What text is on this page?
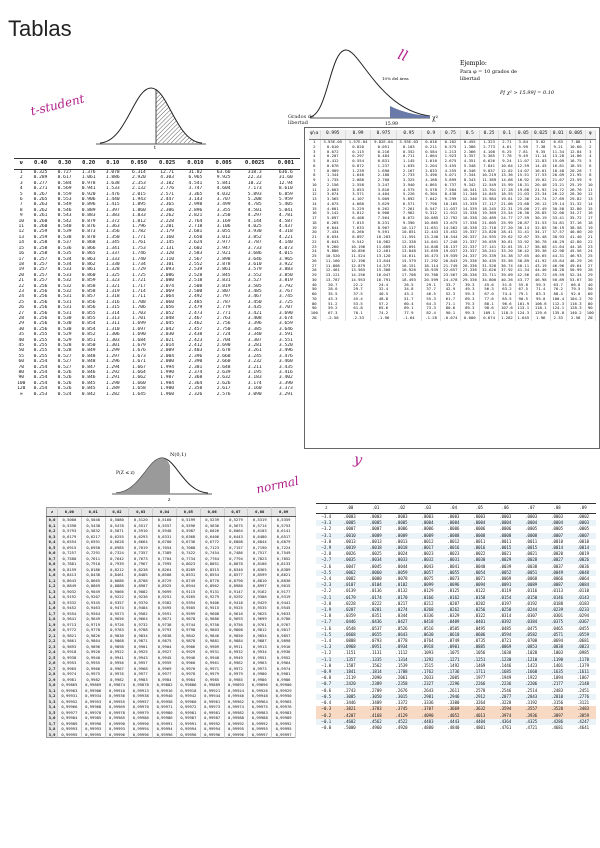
Tablas
t-student
normal
ll
y
t
10% del área
15.99
χ²
Ejemplo:
Para φ = 10 grados de
libertad
P[ χ² > 15.99] = 0.10
Grados de libertad
N(0,1)
P(Z ≤ z)
z
ν	0.40	0.30	0.20	0.10	0.050	0.025	0.010	0.005	0.0025	0.001
1	0.325	0.727	1.376	3.078	6.314	12.71	31.82	63.66	318.3	636.6
2	0.289	0.617	1.061	1.886	2.920	4.303	6.965	9.925	22.33	31.60
3	0.277	0.584	0.978	1.638	2.353	3.182	4.541	5.841	10.22	12.94
4	0.271	0.569	0.941	1.533	2.132	2.776	3.747	4.604	7.173	8.610
5	0.267	0.559	0.920	1.476	2.015	2.571	3.365	4.032	5.893	6.859
6	0.265	0.553	0.906	1.440	1.943	2.447	3.143	3.707	5.208	5.959
7	0.263	0.549	0.896	1.415	1.895	2.365	2.998	3.499	4.785	5.405
8	0.262	0.546	0.889	1.397	1.860	2.306	2.896	3.355	4.501	5.041
9	0.261	0.543	0.883	1.383	1.833	2.262	2.821	3.250	4.297	4.781
10	0.260	0.542	0.879	1.372	1.812	2.228	2.764	3.169	4.144	4.587
11	0.260	0.540	0.876	1.363	1.796	2.201	2.718	3.106	4.025	4.437
12	0.259	0.539	0.873	1.356	1.782	2.179	2.681	3.055	3.930	4.318
13	0.259	0.538	0.870	1.350	1.771	2.160	2.650	3.012	3.852	4.221
14	0.258	0.537	0.868	1.345	1.761	2.145	2.624	2.977	3.787	4.140
15	0.258	0.536	0.866	1.341	1.753	2.131	2.602	2.947	3.733	4.073
16	0.258	0.535	0.865	1.337	1.746	2.120	2.583	2.921	3.686	4.015
17	0.257	0.534	0.863	1.333	1.740	2.110	2.567	2.898	3.646	3.965
18	0.257	0.534	0.862	1.330	1.734	2.101	2.552	2.878	3.610	3.922
19	0.257	0.533	0.861	1.328	1.729	2.093	2.539	2.861	3.579	3.883
20	0.257	0.533	0.860	1.325	1.725	2.086	2.528	2.845	3.552	3.850
21	0.257	0.532	0.859	1.323	1.721	2.080	2.518	2.831	3.527	3.819
22	0.256	0.532	0.858	1.321	1.717	2.074	2.508	2.819	3.505	3.792
23	0.256	0.532	0.858	1.319	1.714	2.069	2.500	2.807	3.485	3.767
24	0.256	0.531	0.857	1.318	1.711	2.064	2.492	2.797	3.467	3.745
25	0.256	0.531	0.856	1.316	1.708	2.060	2.485	2.787	3.450	3.725
26	0.256	0.531	0.856	1.315	1.706	2.056	2.479	2.779	3.435	3.707
27	0.256	0.531	0.855	1.314	1.703	2.052	2.473	2.771	3.421	3.690
28	0.256	0.530	0.855	1.313	1.701	2.048	2.467	2.763	3.408	3.674
29	0.256	0.530	0.854	1.311	1.699	2.045	2.462	2.756	3.396	3.659
30	0.256	0.530	0.854	1.310	1.697	2.042	2.457	2.750	3.385	3.646
35	0.255	0.529	0.852	1.306	1.690	2.030	2.438	2.724	3.340	3.591
40	0.255	0.529	0.851	1.303	1.684	2.021	2.423	2.704	3.307	3.551
45	0.255	0.528	0.850	1.301	1.679	2.014	2.412	2.690	3.281	3.520
50	0.255	0.528	0.849	1.299	1.676	2.009	2.403	2.678	3.261	3.496
55	0.255	0.527	0.848	1.297	1.673	2.004	2.396	2.668	3.245	3.476
60	0.254	0.527	0.848	1.296	1.671	2.000	2.390	2.660	3.232	3.460
70	0.254	0.527	0.847	1.294	1.667	1.994	2.381	2.648	3.211	3.435
80	0.254	0.526	0.846	1.292	1.664	1.990	2.374	2.639	3.195	3.416
90	0.254	0.526	0.846	1.291	1.662	1.987	2.368	2.632	3.183	3.402
100	0.254	0.526	0.845	1.290	1.660	1.984	2.364	2.626	3.174	3.390
120	0.254	0.526	0.845	1.289	1.658	1.980	2.358	2.617	3.160	3.373
∞	0.253	0.524	0.842	1.282	1.645	1.960	2.326	2.576	3.090	3.291
φ\α	0.995	0.99	0.975	0.95	0.9	0.75	0.5	0.25	0.1	0.05	0.025	0.01	0.005	φ
1	3.93E-05	1.57E-04	9.82E-04	3.93E-03	0.016	0.102	0.455	1.323	2.71	3.84	5.02	6.63	7.88	1
2	0.010	0.020	0.051	0.103	0.211	0.575	1.386	2.773	4.61	5.99	7.38	9.21	10.60	2
3	0.072	0.115	0.216	0.352	0.584	1.213	2.366	4.108	6.25	7.81	9.35	11.34	12.84	3
4	0.207	0.297	0.484	0.711	1.064	1.923	3.357	5.385	7.78	9.49	11.14	13.28	14.86	4
5	0.412	0.554	0.831	1.145	1.610	2.675	4.351	6.626	9.24	11.07	12.83	15.09	16.75	5
6	0.676	0.872	1.237	1.635	2.204	3.455	5.348	7.841	10.64	12.59	14.45	16.81	18.55	6
7	0.989	1.239	1.690	2.167	2.833	4.255	6.346	9.037	12.02	14.07	16.01	18.48	20.28	7
8	1.344	1.646	2.180	2.733	3.490	5.071	7.344	10.219	13.36	15.51	17.53	20.09	21.95	8
9	1.735	2.088	2.700	3.325	4.168	5.899	8.343	11.389	14.68	16.92	19.02	21.67	23.59	9
10	2.156	2.558	3.247	3.940	4.865	6.737	9.342	12.549	15.99	18.31	20.48	23.21	25.19	10
11	2.603	3.053	3.816	4.575	5.578	7.584	10.341	13.701	17.28	19.68	21.92	24.72	26.76	11
12	3.074	3.571	4.404	5.226	6.304	8.438	11.340	14.845	18.55	21.03	23.34	26.22	28.30	12
13	3.565	4.107	5.009	5.892	7.042	9.299	12.340	15.984	19.81	22.36	24.74	27.69	29.82	13
14	4.075	4.660	5.629	6.571	7.790	10.165	13.339	17.117	21.06	23.68	26.12	29.14	31.32	14
15	4.601	5.229	6.262	7.261	8.547	11.037	14.339	18.245	22.31	25.00	27.49	30.58	32.80	15
16	5.142	5.812	6.908	7.962	9.312	11.912	15.338	19.369	23.54	26.30	28.85	32.00	34.27	16
17	5.697	6.408	7.564	8.672	10.085	12.792	16.338	20.489	24.77	27.59	30.19	33.41	35.72	17
18	6.265	7.015	8.231	9.390	10.865	13.675	17.338	21.605	25.99	28.87	31.53	34.81	37.16	18
19	6.844	7.633	8.907	10.117	11.651	14.562	18.338	22.718	27.20	30.14	32.85	36.19	38.58	19
20	7.434	8.260	9.591	10.851	12.443	15.452	19.337	23.828	28.41	31.41	34.17	37.57	40.00	20
21	8.034	8.897	10.283	11.591	13.240	16.344	20.337	24.935	29.62	32.67	35.48	38.93	41.40	21
22	8.643	9.542	10.982	12.338	14.041	17.240	21.337	26.039	30.81	33.92	36.78	40.29	42.80	22
23	9.260	10.196	11.689	13.091	14.848	18.137	22.337	27.141	32.01	35.17	38.08	41.64	44.18	23
24	9.886	10.856	12.401	13.848	15.659	19.037	23.337	28.241	33.20	36.42	39.36	42.98	45.56	24
25	10.520	11.524	13.120	14.611	16.473	19.939	24.337	29.339	34.38	37.65	40.65	44.31	46.93	25
26	11.160	12.198	13.844	15.379	17.292	20.843	25.336	30.435	35.56	38.89	41.92	45.64	48.29	26
27	11.808	12.879	14.573	16.151	18.114	21.749	26.336	31.528	36.74	40.11	43.19	46.96	49.64	27
28	12.461	13.565	15.308	16.928	18.939	22.657	27.336	32.620	37.92	41.34	44.46	48.28	50.99	28
29	13.121	14.256	16.047	17.708	19.768	23.567	28.336	33.711	39.09	42.56	45.72	49.59	52.34	29
30	13.787	14.953	16.791	18.493	20.599	24.478	29.336	34.800	40.26	43.77	46.98	50.89	53.67	30
40	20.7	22.2	24.4	26.5	29.1	33.7	39.3	45.6	51.8	55.8	59.3	63.7	66.8	40
50	28.0	29.7	32.4	34.8	37.7	42.9	49.3	56.3	63.2	67.5	71.4	76.2	79.5	50
60	35.5	37.5	40.5	43.2	46.5	52.3	59.3	67.0	74.4	79.1	83.3	88.4	92.0	60
70	43.3	45.4	48.8	51.7	55.3	61.7	69.3	77.6	85.5	90.5	95.0	100.4	104.2	70
80	51.2	53.5	57.2	60.4	64.3	71.1	79.3	88.1	96.6	101.9	106.6	112.3	116.3	80
90	59.2	61.8	65.6	69.1	73.3	80.6	89.3	98.6	107.6	113.1	118.1	124.1	128.3	90
100	67.3	70.1	74.2	77.9	82.4	90.1	99.3	109.1	118.5	124.3	129.6	135.8	140.2	100
Zα	-2.58	-2.33	-1.96	-1.64	-1.28	-0.674	0.000	0.674	1.282	1.645	1.96	2.33	2.58	Zα
z	0,00	0,01	0,02	0,03	0,04	0,05	0,06	0,07	0,08	0,09
0,0	0,5000	0,5040	0,5080	0,5120	0,5160	0,5199	0,5239	0,5279	0,5319	0,5359
0,1	0,5398	0,5438	0,5478	0,5517	0,5557	0,5596	0,5636	0,5675	0,5714	0,5753
0,2	0,5793	0,5832	0,5871	0,5910	0,5948	0,5987	0,6026	0,6064	0,6103	0,6141
0,3	0,6179	0,6217	0,6255	0,6293	0,6331	0,6368	0,6406	0,6443	0,6480	0,6517
0,4	0,6554	0,6591	0,6628	0,6664	0,6700	0,6736	0,6772	0,6808	0,6844	0,6879
0,5	0,6915	0,6950	0,6985	0,7019	0,7054	0,7088	0,7123	0,7157	0,7190	0,7224
0,6	0,7257	0,7291	0,7324	0,7357	0,7389	0,7422	0,7454	0,7486	0,7517	0,7549
0,7	0,7580	0,7611	0,7642	0,7673	0,7704	0,7734	0,7764	0,7794	0,7823	0,7852
0,8	0,7881	0,7910	0,7939	0,7967	0,7995	0,8023	0,8051	0,8078	0,8106	0,8133
0,9	0,8159	0,8186	0,8212	0,8238	0,8264	0,8289	0,8315	0,8340	0,8365	0,8389
1,0	0,8413	0,8438	0,8461	0,8485	0,8508	0,8531	0,8554	0,8577	0,8599	0,8621
1,1	0,8643	0,8665	0,8686	0,8708	0,8729	0,8749	0,8770	0,8790	0,8810	0,8830
1,2	0,8849	0,8869	0,8888	0,8907	0,8925	0,8944	0,8962	0,8980	0,8997	0,9015
1,3	0,9032	0,9049	0,9066	0,9082	0,9099	0,9115	0,9131	0,9147	0,9162	0,9177
1,4	0,9192	0,9207	0,9222	0,9236	0,9251	0,9265	0,9279	0,9292	0,9306	0,9319
1,5	0,9332	0,9345	0,9357	0,9370	0,9382	0,9394	0,9406	0,9418	0,9429	0,9441
1,6	0,9452	0,9463	0,9474	0,9484	0,9495	0,9505	0,9515	0,9525	0,9535	0,9545
1,7	0,9554	0,9564	0,9573	0,9582	0,9591	0,9599	0,9608	0,9616	0,9625	0,9633
1,8	0,9641	0,9649	0,9656	0,9664	0,9671	0,9678	0,9686	0,9693	0,9699	0,9706
1,9	0,9713	0,9719	0,9726	0,9732	0,9738	0,9744	0,9750	0,9756	0,9761	0,9767
2,0	0,9772	0,9778	0,9783	0,9788	0,9793	0,9798	0,9803	0,9808	0,9812	0,9817
2,1	0,9821	0,9826	0,9830	0,9834	0,9838	0,9842	0,9846	0,9850	0,9854	0,9857
2,2	0,9861	0,9864	0,9868	0,9871	0,9875	0,9878	0,9881	0,9884	0,9887	0,9890
2,3	0,9893	0,9896	0,9898	0,9901	0,9904	0,9906	0,9909	0,9911	0,9913	0,9916
2,4	0,9918	0,9920	0,9922	0,9925	0,9927	0,9929	0,9931	0,9932	0,9934	0,9936
2,5	0,9938	0,9940	0,9941	0,9943	0,9945	0,9946	0,9948	0,9949	0,9951	0,9952
2,6	0,9953	0,9955	0,9956	0,9957	0,9959	0,9960	0,9961	0,9962	0,9963	0,9964
2,7	0,9965	0,9966	0,9967	0,9968	0,9969	0,9970	0,9971	0,9972	0,9973	0,9974
2,8	0,9974	0,9975	0,9976	0,9977	0,9977	0,9978	0,9979	0,9979	0,9980	0,9981
2,9	0,9981	0,9982	0,9982	0,9983	0,9984	0,9984	0,9985	0,9985	0,9986	0,9986
3,0	0,99865	0,99869	0,99874	0,99878	0,99882	0,99886	0,99889	0,99893	0,99896	0,99900
3,1	0,99903	0,99906	0,99910	0,99913	0,99916	0,99918	0,99921	0,99924	0,99926	0,99929
3,2	0,99931	0,99934	0,99936	0,99938	0,99940	0,99942	0,99944	0,99946	0,99948	0,99950
3,3	0,99952	0,99953	0,99955	0,99957	0,99958	0,99960	0,99961	0,99962	0,99964	0,99965
3,4	0,99966	0,99968	0,99969	0,99970	0,99971	0,99972	0,99973	0,99974	0,99975	0,99976
3,5	0,99977	0,99978	0,99978	0,99979	0,99980	0,99981	0,99981	0,99982	0,99983	0,99983
3,6	0,99984	0,99985	0,99985	0,99986	0,99986	0,99987	0,99987	0,99988	0,99988	0,99989
3,7	0,99989	0,99990	0,99990	0,99990	0,99991	0,99991	0,99992	0,99992	0,99992	0,99992
3,8	0,99993	0,99993	0,99993	0,99994	0,99994	0,99994	0,99994	0,99995	0,99995	0,99995
3,9	0,99995	0,99995	0,99996	0,99996	0,99996	0,99996	0,99996	0,99996	0,99997	0,99997
z	.00	.01	.02	.03	.04	.05	.06	.07	.08	.09
−3.4	.0003	.0003	.0003	.0003	.0003	.0003	.0003	.0003	.0003	.0002
−3.3	.0005	.0005	.0005	.0004	.0004	.0004	.0004	.0004	.0004	.0003
−3.2	.0007	.0007	.0006	.0006	.0006	.0006	.0006	.0005	.0005	.0005
−3.1	.0010	.0009	.0009	.0009	.0008	.0008	.0008	.0008	.0007	.0007
−3.0	.0013	.0013	.0013	.0012	.0012	.0011	.0011	.0011	.0010	.0010
−2.9	.0019	.0018	.0018	.0017	.0016	.0016	.0015	.0015	.0014	.0014
−2.8	.0026	.0025	.0024	.0023	.0023	.0022	.0021	.0021	.0020	.0019
−2.7	.0035	.0034	.0033	.0032	.0031	.0030	.0029	.0028	.0027	.0026
−2.6	.0047	.0045	.0044	.0043	.0041	.0040	.0039	.0038	.0037	.0036
−2.5	.0062	.0060	.0059	.0057	.0055	.0054	.0052	.0051	.0049	.0048
−2.4	.0082	.0080	.0078	.0075	.0073	.0071	.0069	.0068	.0066	.0064
−2.3	.0107	.0104	.0102	.0099	.0096	.0094	.0091	.0089	.0087	.0084
−2.2	.0139	.0136	.0132	.0129	.0125	.0122	.0119	.0116	.0113	.0110
−2.1	.0179	.0174	.0170	.0166	.0162	.0158	.0154	.0150	.0146	.0143
−2.0	.0228	.0222	.0217	.0212	.0207	.0202	.0197	.0192	.0188	.0183
−1.9	.0287	.0281	.0274	.0268	.0262	.0256	.0250	.0244	.0239	.0233
−1.8	.0359	.0351	.0344	.0336	.0329	.0322	.0314	.0307	.0301	.0294
−1.7	.0446	.0436	.0427	.0418	.0409	.0401	.0392	.0384	.0375	.0367
−1.6	.0548	.0537	.0526	.0516	.0505	.0495	.0485	.0475	.0465	.0455
−1.5	.0668	.0655	.0643	.0630	.0618	.0606	.0594	.0582	.0571	.0559
−1.4	.0808	.0793	.0778	.0764	.0749	.0735	.0721	.0708	.0694	.0681
−1.3	.0968	.0951	.0934	.0918	.0901	.0885	.0869	.0853	.0838	.0823
−1.2	.1151	.1131	.1112	.1093	.1075	.1056	.1038	.1020	.1003	.0985
−1.1	.1357	.1335	.1314	.1292	.1271	.1251	.1230	.1210	.1190	.1170
−1.0	.1587	.1562	.1539	.1515	.1492	.1469	.1446	.1423	.1401	.1379
−0.9	.1841	.1814	.1788	.1762	.1736	.1711	.1685	.1660	.1635	.1611
−0.8	.2119	.2090	.2061	.2033	.2005	.1977	.1949	.1922	.1894	.1867
−0.7	.2420	.2389	.2358	.2327	.2296	.2266	.2236	.2206	.2177	.2148
−0.6	.2743	.2709	.2676	.2643	.2611	.2578	.2546	.2514	.2483	.2451
−0.5	.3085	.3050	.3015	.2981	.2946	.2912	.2877	.2843	.2810	.2776
−0.4	.3446	.3409	.3372	.3336	.3300	.3264	.3228	.3192	.3156	.3121
−0.3	.3821	.3783	.3745	.3707	.3669	.3632	.3594	.3557	.3520	.3483
−0.2	.4207	.4168	.4129	.4090	.4052	.4013	.3974	.3936	.3897	.3859
−0.1	.4602	.4562	.4522	.4483	.4443	.4404	.4364	.4325	.4286	.4247
−0.0	.5000	.4960	.4920	.4880	.4840	.4801	.4761	.4721	.4681	.4641
